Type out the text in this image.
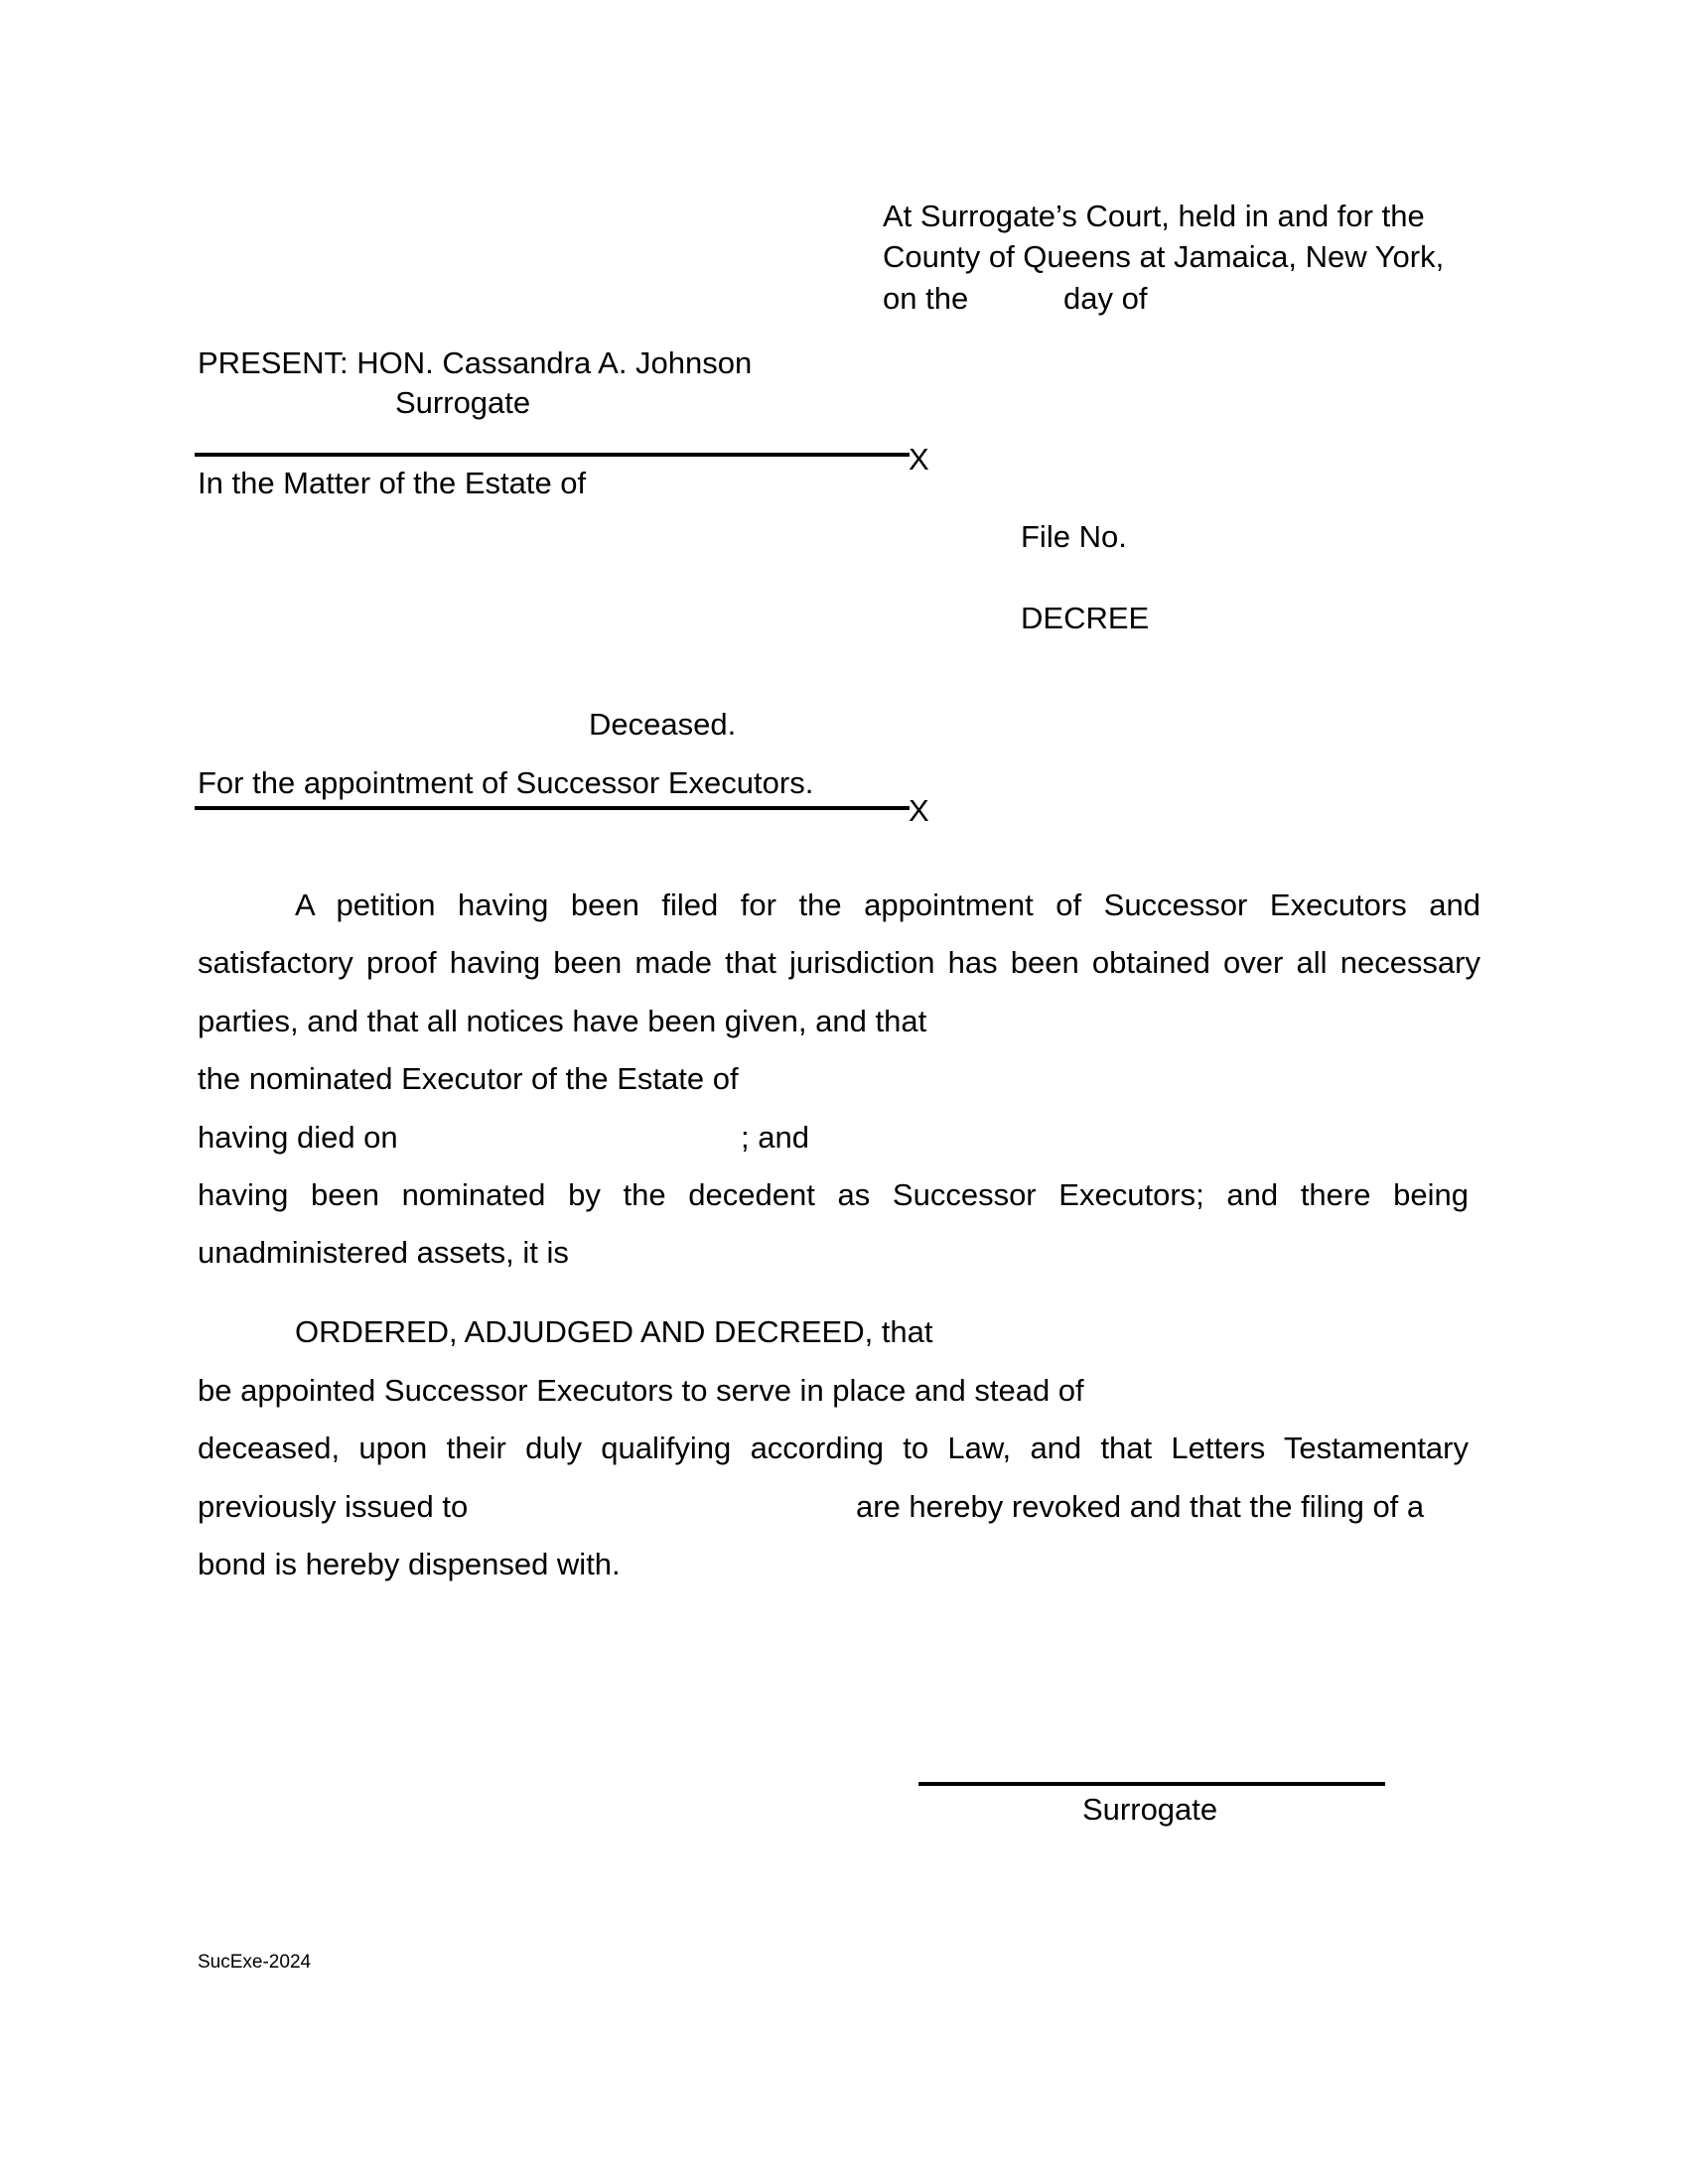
At Surrogate’s Court, held in and for the
County of Queens at Jamaica, New York,
on the	day of
PRESENT: HON. Cassandra A. Johnson
Surrogate
X
In the Matter of the Estate of
File No.
DECREE
Deceased.
For the appointment of Successor Executors.
X
A petition having been filed for the appointment of Successor Executors and
satisfactory proof having been made that jurisdiction has been obtained over all necessary
parties, and that all notices have been given, and that
the nominated Executor of the Estate of
having died on	; and
having been nominated by the decedent as Successor Executors; and there being
unadministered assets, it is
ORDERED, ADJUDGED AND DECREED, that
be appointed Successor Executors to serve in place and stead of
deceased, upon their duly qualifying according to Law, and that Letters Testamentary
previously issued to	are hereby revoked and that the filing of a
bond is hereby dispensed with.
Surrogate
SucExe-2024
